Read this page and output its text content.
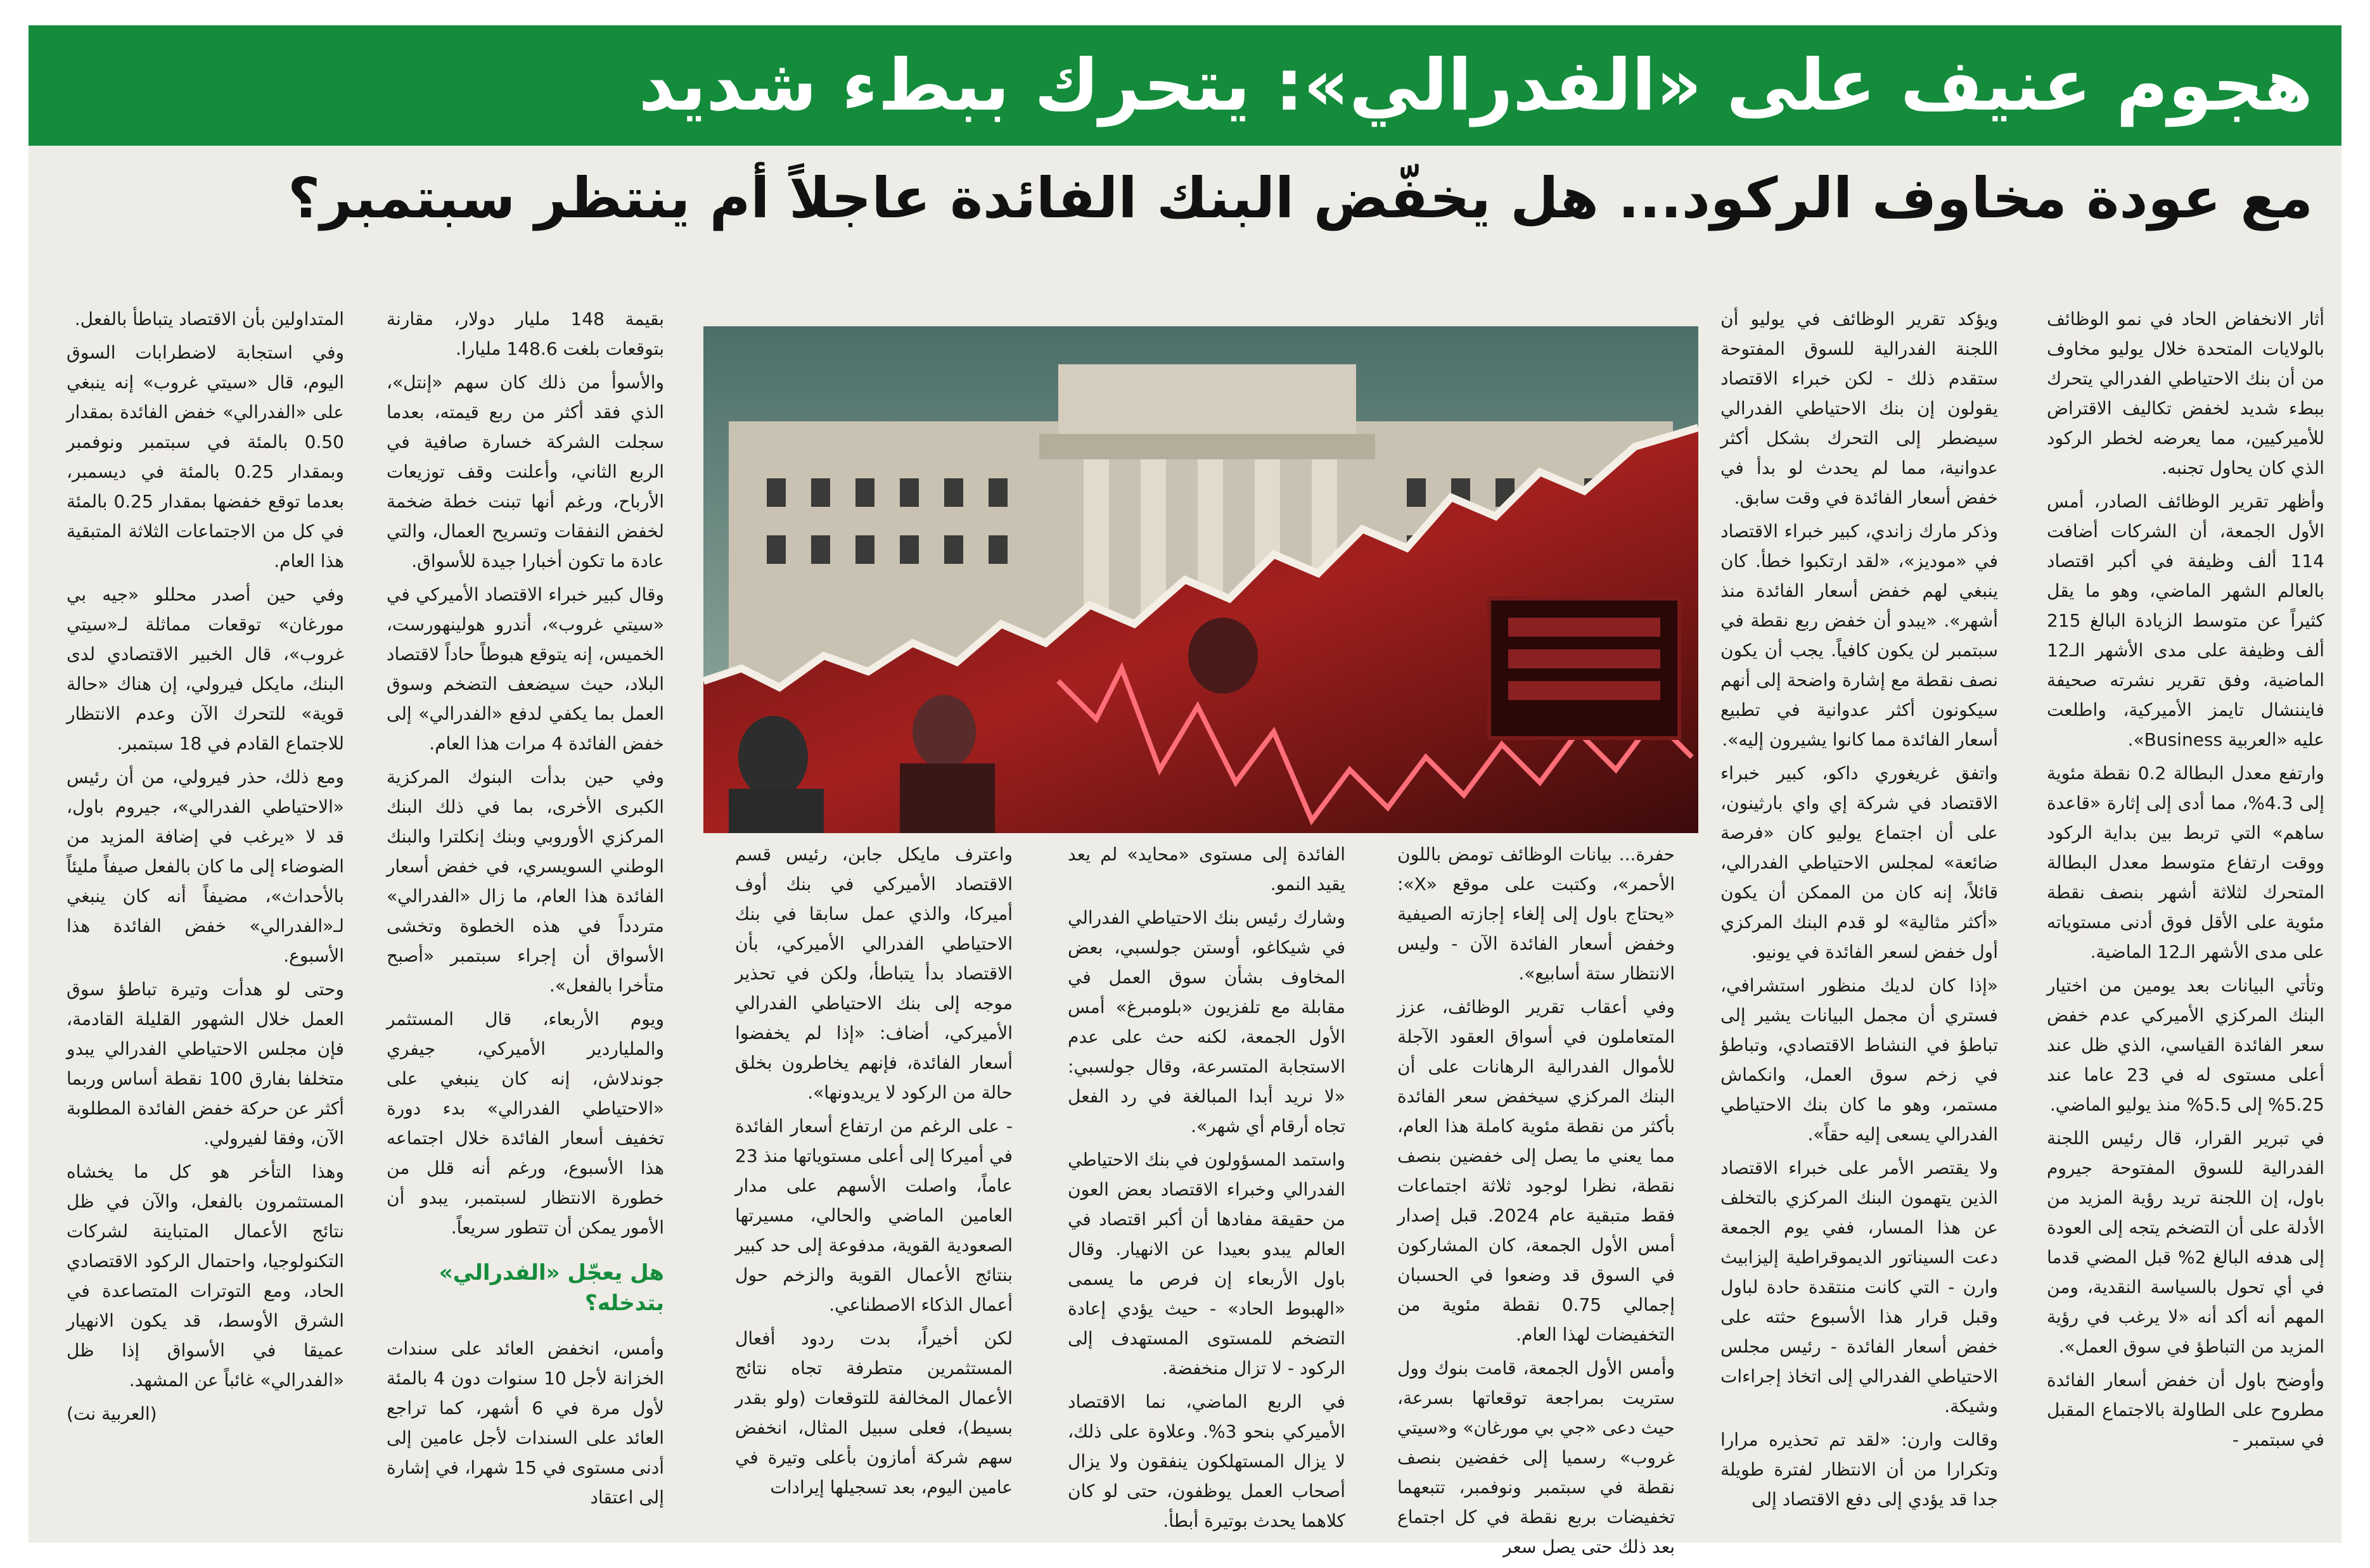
هجوم عنيف على «الفدرالي»: يتحرك ببطء شديد
مع عودة مخاوف الركود... هل يخفّض البنك الفائدة عاجلاً أم ينتظر سبتمبر؟

أثار الانخفاض الحاد في نمو الوظائف بالولايات المتحدة خلال يوليو مخاوف من أن بنك الاحتياطي الفدرالي يتحرك ببطء شديد لخفض تكاليف الاقتراض للأميركيين، مما يعرضه لخطر الركود الذي كان يحاول تجنبه.

وأظهر تقرير الوظائف الصادر، أمس الأول الجمعة، أن الشركات أضافت 114 ألف وظيفة في أكبر اقتصاد بالعالم الشهر الماضي، وهو ما يقل كثيراً عن متوسط الزيادة البالغ 215 ألف وظيفة على مدى الأشهر الـ12 الماضية، وفق تقرير نشرته صحيفة فايننشال تايمز الأميركية، واطلعت عليه «العربية Business».

وارتفع معدل البطالة 0.2 نقطة مئوية إلى 4.3%، مما أدى إلى إثارة «قاعدة ساهم» التي تربط بين بداية الركود ووقت ارتفاع متوسط معدل البطالة المتحرك لثلاثة أشهر بنصف نقطة مئوية على الأقل فوق أدنى مستوياته على مدى الأشهر الـ12 الماضية.

وتأتي البيانات بعد يومين من اختيار البنك المركزي الأميركي عدم خفض سعر الفائدة القياسي، الذي ظل عند أعلى مستوى له في 23 عاما عند 5.25% إلى 5.5% منذ يوليو الماضي.

في تبرير القرار، قال رئيس اللجنة الفدرالية للسوق المفتوحة جيروم باول، إن اللجنة تريد رؤية المزيد من الأدلة على أن التضخم يتجه إلى العودة إلى هدفه البالغ 2% قبل المضي قدما في أي تحول بالسياسة النقدية، ومن المهم أنه أكد أنه «لا يرغب في رؤية المزيد من التباطؤ في سوق العمل».

وأوضح باول أن خفض أسعار الفائدة مطروح على الطاولة بالاجتماع المقبل في سبتمبر -

ويؤكد تقرير الوظائف في يوليو أن اللجنة الفدرالية للسوق المفتوحة ستقدم ذلك - لكن خبراء الاقتصاد يقولون إن بنك الاحتياطي الفدرالي سيضطر إلى التحرك بشكل أكثر عدوانية، مما لم يحدث لو بدأ في خفض أسعار الفائدة في وقت سابق.

وذكر مارك زاندي، كبير خبراء الاقتصاد في «موديز»، «لقد ارتكبوا خطأ. كان ينبغي لهم خفض أسعار الفائدة منذ أشهر». «يبدو أن خفض ربع نقطة في سبتمبر لن يكون كافياً. يجب أن يكون نصف نقطة مع إشارة واضحة إلى أنهم سيكونون أكثر عدوانية في تطبيع أسعار الفائدة مما كانوا يشيرون إليه».

واتفق غريغوري داكو، كبير خبراء الاقتصاد في شركة إي واي بارثينون، على أن اجتماع يوليو كان «فرصة ضائعة» لمجلس الاحتياطي الفدرالي، قائلاً، إنه كان من الممكن أن يكون «أكثر مثالية» لو قدم البنك المركزي أول خفض لسعر الفائدة في يونيو.

«إذا كان لديك منظور استشرافي، فستري أن مجمل البيانات يشير إلى تباطؤ في النشاط الاقتصادي، وتباطؤ في زخم سوق العمل، وانكماش مستمر، وهو ما كان بنك الاحتياطي الفدرالي يسعى إليه حقاً».

ولا يقتصر الأمر على خبراء الاقتصاد الذين يتهمون البنك المركزي بالتخلف عن هذا المسار، ففي يوم الجمعة دعت السيناتور الديموقراطية إليزابيث وارن - التي كانت منتقدة حادة لباول وقبل قرار هذا الأسبوع حثته على خفض أسعار الفائدة - رئيس مجلس الاحتياطي الفدرالي إلى اتخاذ إجراءات وشيكة.

وقالت وارن: «لقد تم تحذيره مرارا وتكرارا من أن الانتظار لفترة طويلة جدا قد يؤدي إلى دفع الاقتصاد إلى

حفرة... بيانات الوظائف تومض باللون الأحمر»، وكتبت على موقع «X»: «يحتاج باول إلى إلغاء إجازته الصيفية وخفض أسعار الفائدة الآن - وليس الانتظار ستة أسابيع».

وفي أعقاب تقرير الوظائف، عزز المتعاملون في أسواق العقود الآجلة للأموال الفدرالية الرهانات على أن البنك المركزي سيخفض سعر الفائدة بأكثر من نقطة مئوية كاملة هذا العام، مما يعني ما يصل إلى خفضين بنصف نقطة، نظرا لوجود ثلاثة اجتماعات فقط متبقية عام 2024. قبل إصدار أمس الأول الجمعة، كان المشاركون في السوق قد وضعوا في الحسبان إجمالي 0.75 نقطة مئوية من التخفيضات لهذا العام.

وأمس الأول الجمعة، قامت بنوك وول ستريت بمراجعة توقعاتها بسرعة، حيث دعى «جي بي مورغان» و«سيتي غروب» رسميا إلى خفضين بنصف نقطة في سبتمبر ونوفمبر، تتبعهما تخفيضات بربع نقطة في كل اجتماع بعد ذلك حتى يصل سعر

الفائدة إلى مستوى «محايد» لم يعد يقيد النمو.

وشارك رئيس بنك الاحتياطي الفدرالي في شيكاغو، أوستن جولسبي، بعض المخاوف بشأن سوق العمل في مقابلة مع تلفزيون «بلومبرغ» أمس الأول الجمعة، لكنه حث على عدم الاستجابة المتسرعة، وقال جولسبي: «لا نريد أبدا المبالغة في رد الفعل تجاه أرقام أي شهر».

واستمد المسؤولون في بنك الاحتياطي الفدرالي وخبراء الاقتصاد بعض العون من حقيقة مفادها أن أكبر اقتصاد في العالم يبدو بعيدا عن الانهيار. وقال باول الأربعاء إن فرص ما يسمى «الهبوط الحاد» - حيث يؤدي إعادة التضخم للمستوى المستهدف إلى الركود - لا تزال منخفضة.

في الربع الماضي، نما الاقتصاد الأميركي بنحو 3%. وعلاوة على ذلك، لا يزال المستهلكون ينفقون ولا يزال أصحاب العمل يوظفون، حتى لو كان كلاهما يحدث بوتيرة أبطأ.

واعترف مايكل جابن، رئيس قسم الاقتصاد الأميركي في بنك أوف أميركا، والذي عمل سابقا في بنك الاحتياطي الفدرالي الأميركي، بأن الاقتصاد بدأ يتباطأ، ولكن في تحذير موجه إلى بنك الاحتياطي الفدرالي الأميركي، أضاف: «إذا لم يخفضوا أسعار الفائدة، فإنهم يخاطرون بخلق حالة من الركود لا يريدونها».

- على الرغم من ارتفاع أسعار الفائدة في أميركا إلى أعلى مستوياتها منذ 23 عاماً، واصلت الأسهم على مدار العامين الماضي والحالي، مسيرتها الصعودية القوية، مدفوعة إلى حد كبير بنتائج الأعمال القوية والزخم حول أعمال الذكاء الاصطناعي.

لكن أخيراً، بدت ردود أفعال المستثمرين متطرفة تجاه نتائج الأعمال المخالفة للتوقعات (ولو بقدر بسيط)، فعلى سبيل المثال، انخفض سهم شركة أمازون بأعلى وتيرة في عامين اليوم، بعد تسجيلها إيرادات

بقيمة 148 مليار دولار، مقارنة بتوقعات بلغت 148.6 مليارا.

والأسوأ من ذلك كان سهم «إنتل»، الذي فقد أكثر من ربع قيمته، بعدما سجلت الشركة خسارة صافية في الربع الثاني، وأعلنت وقف توزيعات الأرباح، ورغم أنها تبنت خطة ضخمة لخفض النفقات وتسريح العمال، والتي عادة ما تكون أخبارا جيدة للأسواق.

وقال كبير خبراء الاقتصاد الأميركي في «سيتي غروب»، أندرو هولينهورست، الخميس، إنه يتوقع هبوطاً حاداً لاقتصاد البلاد، حيث سيضعف التضخم وسوق العمل بما يكفي لدفع «الفدرالي» إلى خفض الفائدة 4 مرات هذا العام.

وفي حين بدأت البنوك المركزية الكبرى الأخرى، بما في ذلك البنك المركزي الأوروبي وبنك إنكلترا والبنك الوطني السويسري، في خفض أسعار الفائدة هذا العام، ما زال «الفدرالي» متردداً في هذه الخطوة وتخشى الأسواق أن إجراء سبتمبر «أصبح متأخرا بالفعل».

ويوم الأربعاء، قال المستثمر والملياردير الأميركي، جيفري جوندلاش، إنه كان ينبغي على «الاحتياطي الفدرالي» بدء دورة تخفيف أسعار الفائدة خلال اجتماعه هذا الأسبوع، ورغم أنه قلل من خطورة الانتظار لسبتمبر، يبدو أن الأمور يمكن أن تتطور سريعاً.

هل يعجّل «الفدرالي» بتدخله؟

وأمس، انخفض العائد على سندات الخزانة لأجل 10 سنوات دون 4 بالمئة لأول مرة في 6 أشهر، كما تراجع العائد على السندات لأجل عامين إلى أدنى مستوى في 15 شهرا، في إشارة إلى اعتقاد

المتداولين بأن الاقتصاد يتباطأ بالفعل.

وفي استجابة لاضطرابات السوق اليوم، قال «سيتي غروب» إنه ينبغي على «الفدرالي» خفض الفائدة بمقدار 0.50 بالمئة في سبتمبر ونوفمبر وبمقدار 0.25 بالمئة في ديسمبر، بعدما توقع خفضها بمقدار 0.25 بالمئة في كل من الاجتماعات الثلاثة المتبقية هذا العام.

وفي حين أصدر محللو «جيه بي مورغان» توقعات مماثلة لـ«سيتي غروب»، قال الخبير الاقتصادي لدى البنك، مايكل فيرولي، إن هناك «حالة قوية» للتحرك الآن وعدم الانتظار للاجتماع القادم في 18 سبتمبر.

ومع ذلك، حذر فيرولي، من أن رئيس «الاحتياطي الفدرالي»، جيروم باول، قد لا «يرغب في إضافة المزيد من الضوضاء إلى ما كان بالفعل صيفاً مليئاً بالأحداث»، مضيفاً أنه كان ينبغي لـ«الفدرالي» خفض الفائدة هذا الأسبوع.

وحتى لو هدأت وتيرة تباطؤ سوق العمل خلال الشهور القليلة القادمة، فإن مجلس الاحتياطي الفدرالي يبدو متخلفا بفارق 100 نقطة أساس وربما أكثر عن حركة خفض الفائدة المطلوبة الآن، وفقا لفيرولي.

وهذا التأخر هو كل ما يخشاه المستثمرون بالفعل، والآن في ظل نتائج الأعمال المتباينة لشركات التكنولوجيا، واحتمال الركود الاقتصادي الحاد، ومع التوترات المتصاعدة في الشرق الأوسط، قد يكون الانهيار عميقا في الأسواق إذا ظل «الفدرالي» غائباً عن المشهد.

(العربية نت)
